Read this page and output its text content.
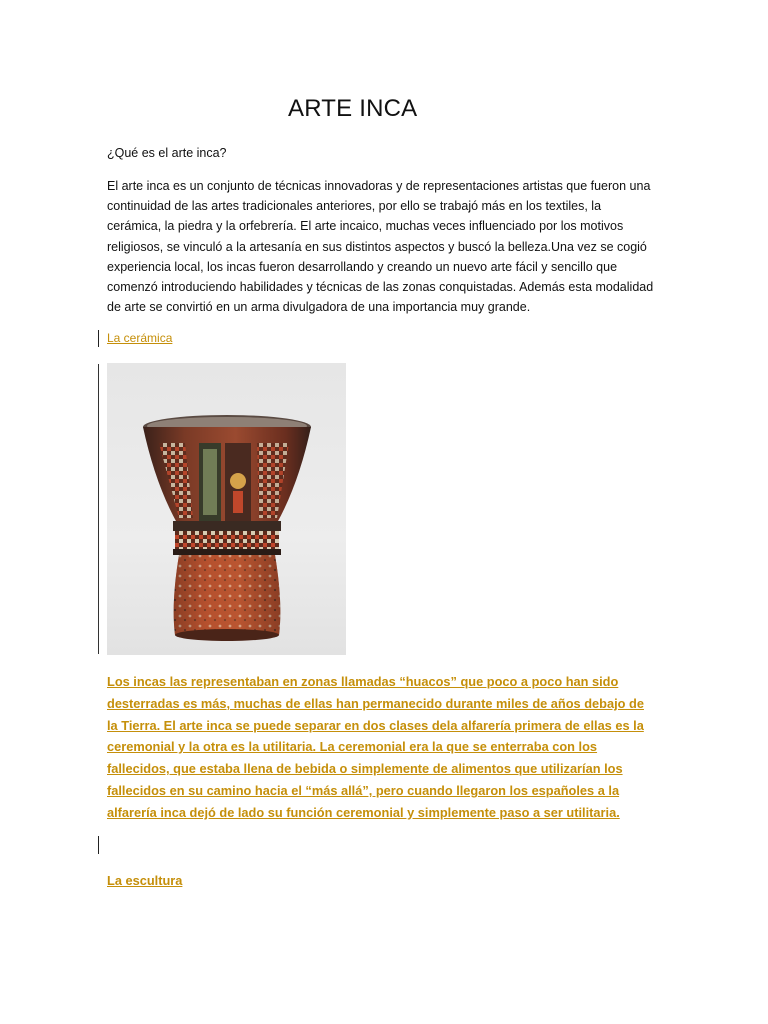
ARTE INCA
¿Qué es el arte inca?
El arte inca es un conjunto de técnicas innovadoras y de representaciones artistas que fueron una
continuidad de las artes tradicionales anteriores, por ello se trabajó más en los textiles, la
cerámica, la piedra y la orfebrería. El arte incaico, muchas veces influenciado por los motivos
religiosos, se vinculó a la artesanía en sus distintos aspectos y buscó la belleza.Una vez se cogió
experiencia local, los incas fueron desarrollando y creando un nuevo arte fácil y sencillo que
comenzó introduciendo habilidades y técnicas de las zonas conquistadas. Además esta modalidad
de arte se convirtió en un arma divulgadora de una importancia muy grande.
La cerámica
Los incas las representaban en zonas llamadas “huacos” que poco a poco han sido
desterradas es más, muchas de ellas han permanecido durante miles de años debajo de
la Tierra. El arte inca se puede separar en dos clases dela alfarería primera de ellas es la
ceremonial y la otra es la utilitaria. La ceremonial era la que se enterraba con los
fallecidos, que estaba llena de bebida o simplemente de alimentos que utilizarían los
fallecidos en su camino hacia el “más allá”, pero cuando llegaron los españoles a la
alfarería inca dejó de lado su función ceremonial y simplemente paso a ser utilitaria.
La escultura
